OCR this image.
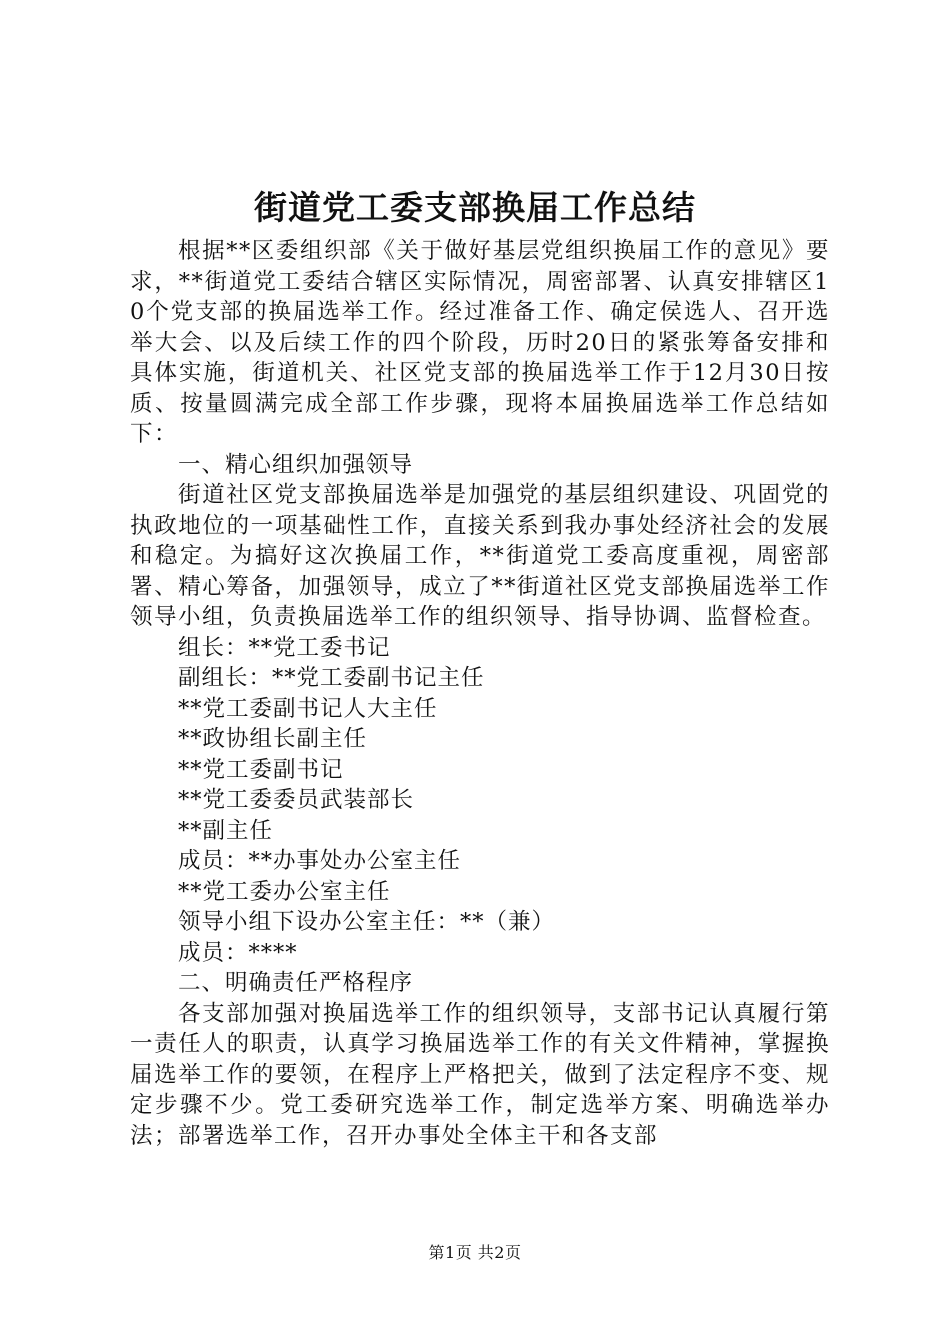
街道党工委支部换届工作总结

根据**区委组织部《关于做好基层党组织换届工作的意见》要求，**街道党工委结合辖区实际情况，周密部署、认真安排辖区10个党支部的换届选举工作。经过准备工作、确定侯选人、召开选举大会、以及后续工作的四个阶段，历时20日的紧张筹备安排和具体实施，街道机关、社区党支部的换届选举工作于12月30日按质、按量圆满完成全部工作步骤，现将本届换届选举工作总结如下：

一、精心组织加强领导

街道社区党支部换届选举是加强党的基层组织建设、巩固党的执政地位的一项基础性工作，直接关系到我办事处经济社会的发展和稳定。为搞好这次换届工作，**街道党工委高度重视，周密部署、精心筹备，加强领导，成立了**街道社区党支部换届选举工作领导小组，负责换届选举工作的组织领导、指导协调、监督检查。

组长：**党工委书记

副组长：**党工委副书记主任

**党工委副书记人大主任

**政协组长副主任

**党工委副书记

**党工委委员武装部长

**副主任

成员：**办事处办公室主任

**党工委办公室主任

领导小组下设办公室主任：**（兼）

成员：****

二、明确责任严格程序

各支部加强对换届选举工作的组织领导，支部书记认真履行第一责任人的职责，认真学习换届选举工作的有关文件精神，掌握换届选举工作的要领，在程序上严格把关，做到了法定程序不变、规定步骤不少。党工委研究选举工作，制定选举方案、明确选举办法；部署选举工作，召开办事处全体主干和各支部

第1页 共2页
